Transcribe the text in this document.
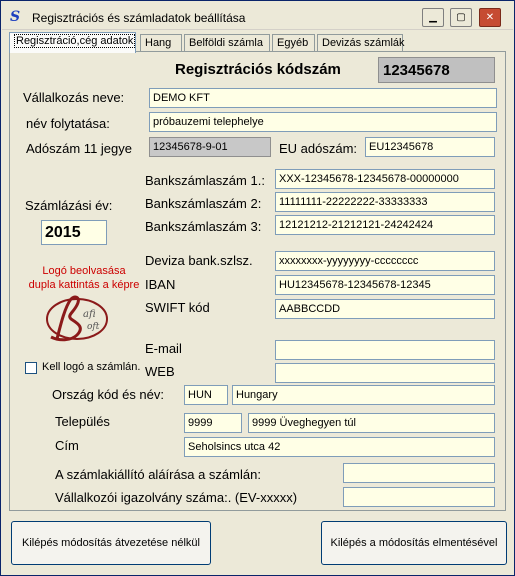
S Regisztrációs és számladatok beállítása	▁	▢	✕
Regisztráció,cég adatok	Hang	Belföldi számla	Egyéb	Devizás számlák
Regisztrációs kódszám	12345678
Vállalkozás neve:	DEMO KFT
név folytatása:	próbauzemi telephelye
Adószám 11 jegye	12345678-9-01	EU adószám:	EU12345678
Bankszámlaszám 1.:	XXX-12345678-12345678-00000000
Bankszámlaszám 2:	11111111-22222222-33333333
Bankszámlaszám 3:	12121212-21212121-24242424
Számlázási év:
2015
Deviza bank.szlsz.	xxxxxxxx-yyyyyyyy-cccccccc
IBAN	HU12345678-12345678-12345
SWIFT kód	AABBCCDD
Logó beolvasása dupla kattintás a képre
afi
oft
Kell logó a számlán.
E-mail
WEB
Ország kód és név:	HUN	Hungary
Település	9999	9999 Üveghegyen túl
Cím	Seholsincs utca 42
A számlakiállító aláírása a számlán:
Vállalkozói igazolvány száma:. (EV-xxxxx)
Kilépés módosítás átvezetése nélkül	Kilépés a módosítás elmentésével
